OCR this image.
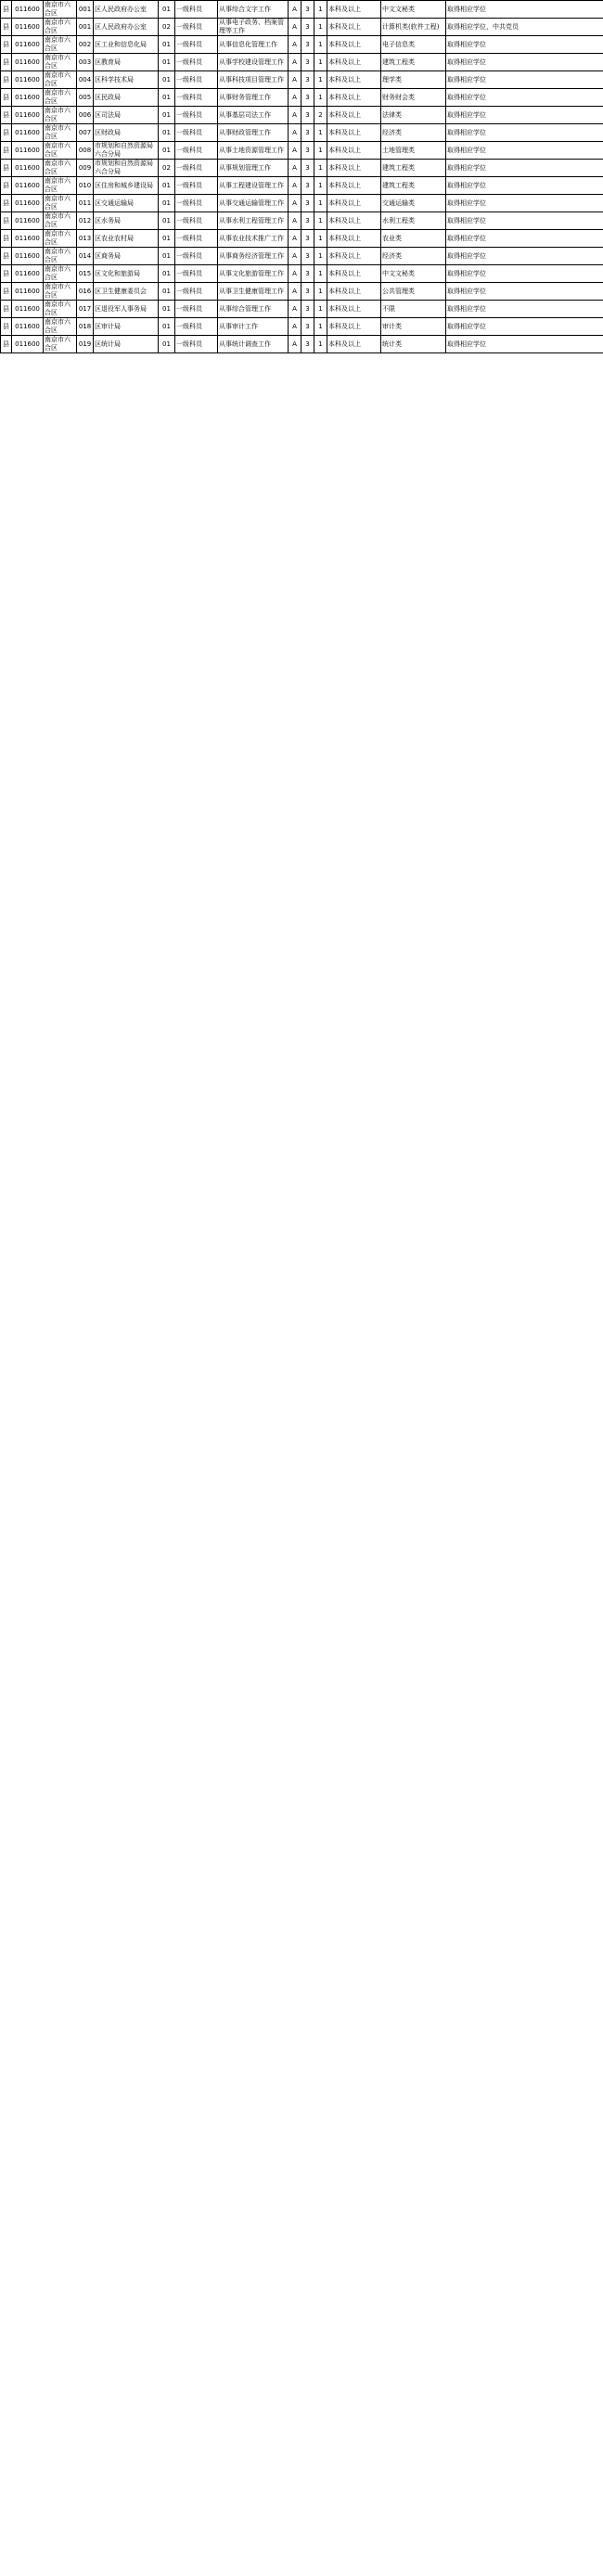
县	011600	南京市六合区	001	区人民政府办公室	01	一级科员	从事综合文字工作	A	3	1	本科及以上	中文文秘类	取得相应学位
县	011600	南京市六合区	001	区人民政府办公室	02	一级科员	从事电子政务、档案管理等工作	A	3	1	本科及以上	计算机类(软件工程)	取得相应学位，中共党员
县	011600	南京市六合区	002	区工业和信息化局	01	一级科员	从事信息化管理工作	A	3	1	本科及以上	电子信息类	取得相应学位
县	011600	南京市六合区	003	区教育局	01	一级科员	从事学校建设管理工作	A	3	1	本科及以上	建筑工程类	取得相应学位
县	011600	南京市六合区	004	区科学技术局	01	一级科员	从事科技项目管理工作	A	3	1	本科及以上	理学类	取得相应学位
县	011600	南京市六合区	005	区民政局	01	一级科员	从事财务管理工作	A	3	1	本科及以上	财务财会类	取得相应学位
县	011600	南京市六合区	006	区司法局	01	一级科员	从事基层司法工作	A	3	2	本科及以上	法律类	取得相应学位
县	011600	南京市六合区	007	区财政局	01	一级科员	从事财政管理工作	A	3	1	本科及以上	经济类	取得相应学位
县	011600	南京市六合区	008	市规划和自然资源局六合分局	01	一级科员	从事土地资源管理工作	A	3	1	本科及以上	土地管理类	取得相应学位
县	011600	南京市六合区	009	市规划和自然资源局六合分局	02	一级科员	从事规划管理工作	A	3	1	本科及以上	建筑工程类	取得相应学位
县	011600	南京市六合区	010	区住房和城乡建设局	01	一级科员	从事工程建设管理工作	A	3	1	本科及以上	建筑工程类	取得相应学位
县	011600	南京市六合区	011	区交通运输局	01	一级科员	从事交通运输管理工作	A	3	1	本科及以上	交通运输类	取得相应学位
县	011600	南京市六合区	012	区水务局	01	一级科员	从事水利工程管理工作	A	3	1	本科及以上	水利工程类	取得相应学位
县	011600	南京市六合区	013	区农业农村局	01	一级科员	从事农业技术推广工作	A	3	1	本科及以上	农业类	取得相应学位
县	011600	南京市六合区	014	区商务局	01	一级科员	从事商务经济管理工作	A	3	1	本科及以上	经济类	取得相应学位
县	011600	南京市六合区	015	区文化和旅游局	01	一级科员	从事文化旅游管理工作	A	3	1	本科及以上	中文文秘类	取得相应学位
县	011600	南京市六合区	016	区卫生健康委员会	01	一级科员	从事卫生健康管理工作	A	3	1	本科及以上	公共管理类	取得相应学位
县	011600	南京市六合区	017	区退役军人事务局	01	一级科员	从事综合管理工作	A	3	1	本科及以上	不限	取得相应学位
县	011600	南京市六合区	018	区审计局	01	一级科员	从事审计工作	A	3	1	本科及以上	审计类	取得相应学位
县	011600	南京市六合区	019	区统计局	01	一级科员	从事统计调查工作	A	3	1	本科及以上	统计类	取得相应学位
